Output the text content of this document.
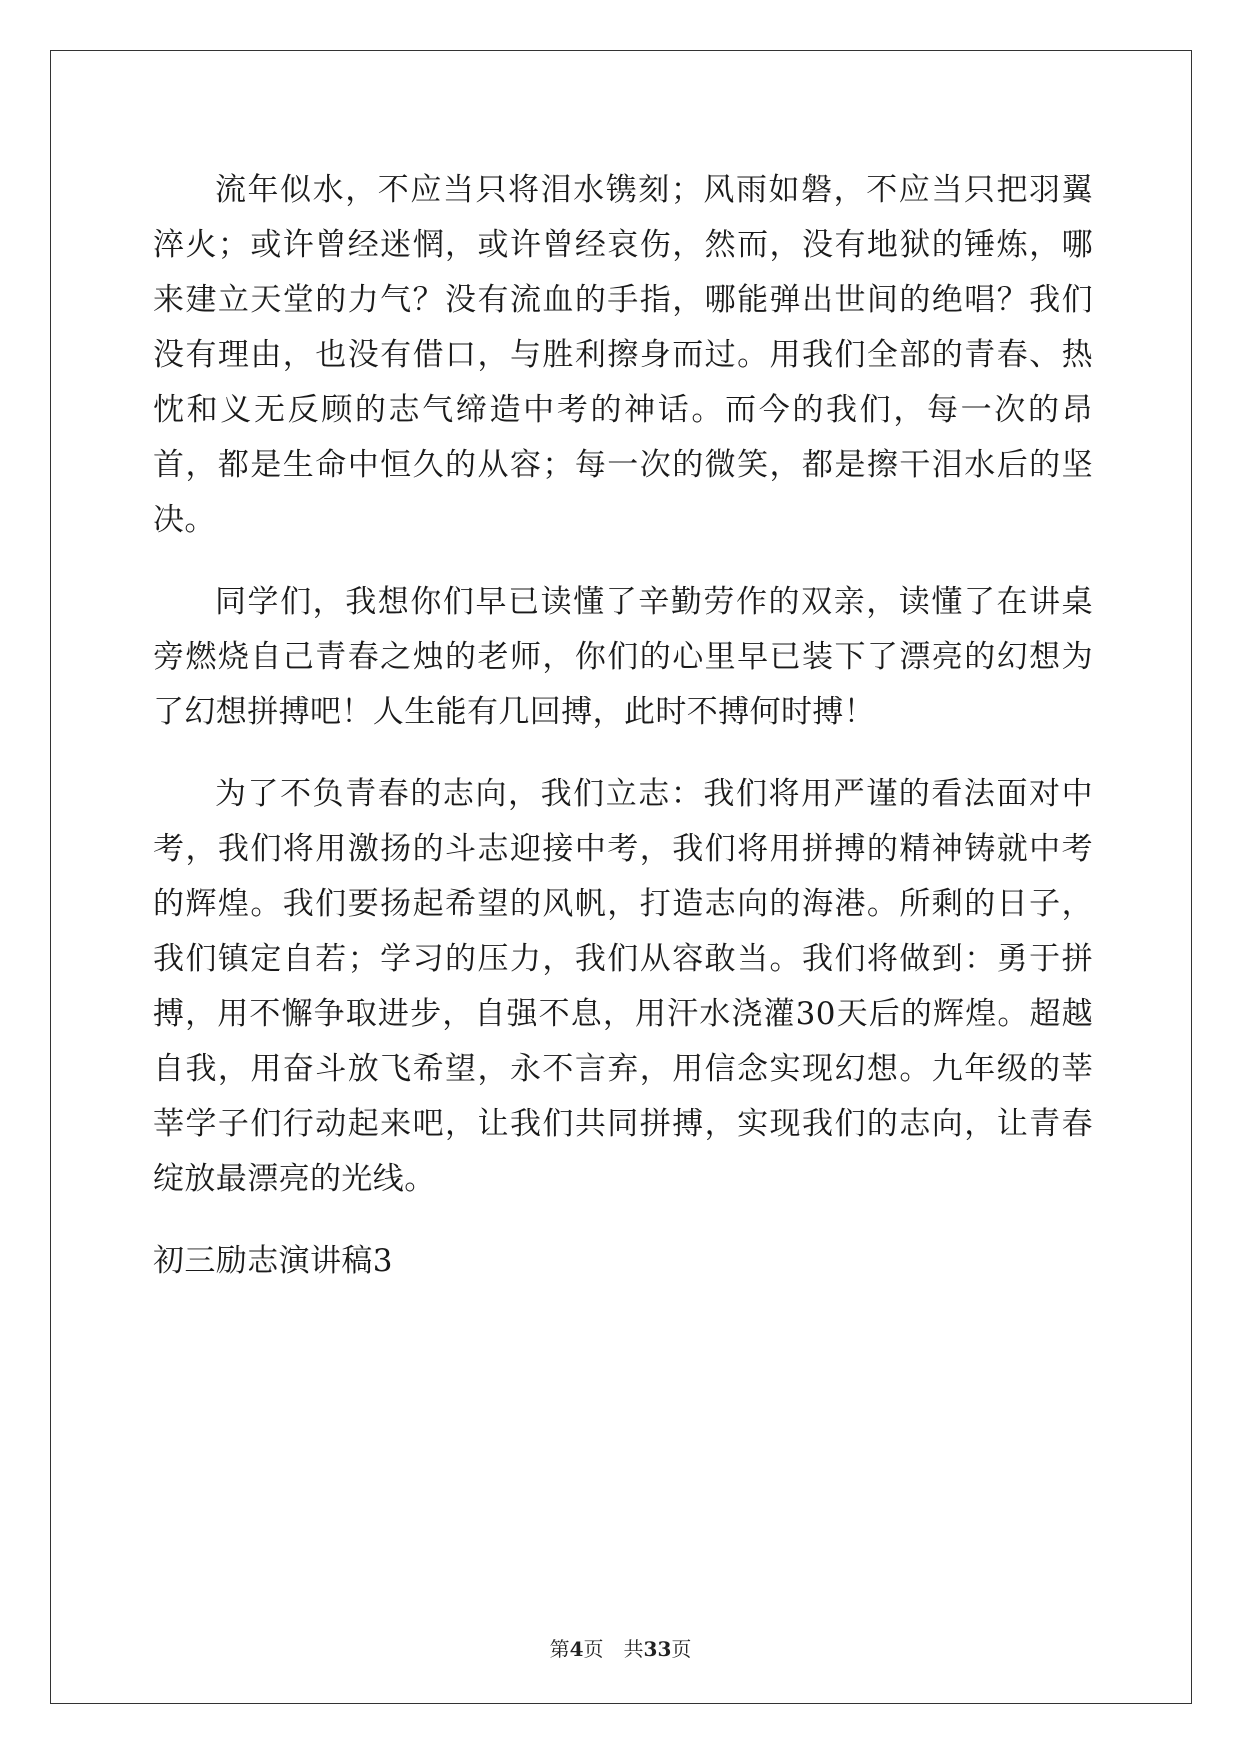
流年似水，不应当只将泪水镌刻；风雨如磐，不应当只把羽翼淬火；或许曾经迷惘，或许曾经哀伤，然而，没有地狱的锤炼，哪来建立天堂的力气？没有流血的手指，哪能弹出世间的绝唱？我们没有理由，也没有借口，与胜利擦身而过。用我们全部的青春、热忱和义无反顾的志气缔造中考的神话。而今的我们，每一次的昂首，都是生命中恒久的从容；每一次的微笑，都是擦干泪水后的坚决。

同学们，我想你们早已读懂了辛勤劳作的双亲，读懂了在讲桌旁燃烧自己青春之烛的老师，你们的心里早已装下了漂亮的幻想为了幻想拼搏吧！人生能有几回搏，此时不搏何时搏！

为了不负青春的志向，我们立志：我们将用严谨的看法面对中考，我们将用激扬的斗志迎接中考，我们将用拼搏的精神铸就中考的辉煌。我们要扬起希望的风帆，打造志向的海港。所剩的日子，我们镇定自若；学习的压力，我们从容敢当。我们将做到：勇于拼搏，用不懈争取进步，自强不息，用汗水浇灌30天后的辉煌。超越自我，用奋斗放飞希望，永不言弃，用信念实现幻想。九年级的莘莘学子们行动起来吧，让我们共同拼搏，实现我们的志向，让青春绽放最漂亮的光线。

初三励志演讲稿3
第4页 共33页
